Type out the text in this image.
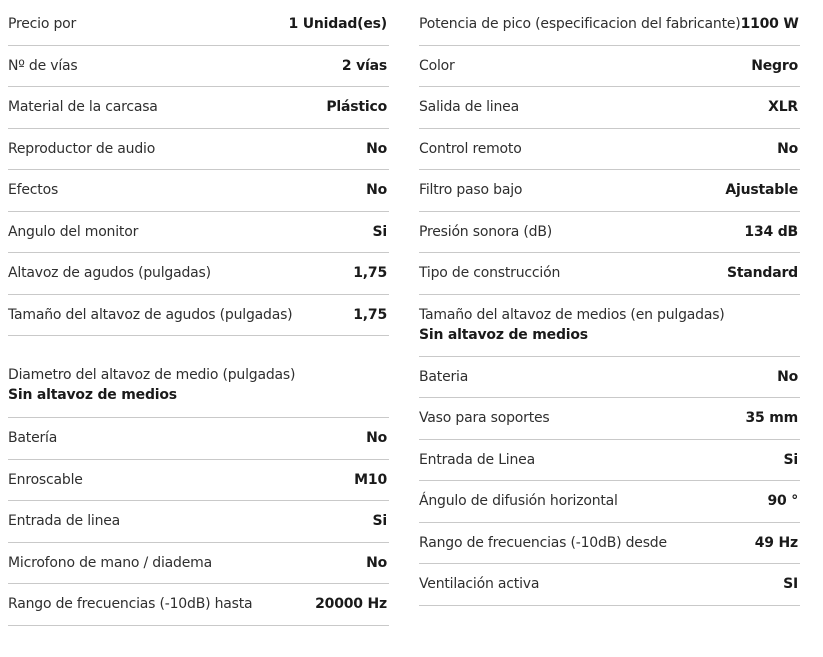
Precio por	1 Unidad(es)
Nº de vías	2 vías
Material de la carcasa	Plástico
Reproductor de audio	No
Efectos	No
Angulo del monitor	Si
Altavoz de agudos (pulgadas)	1,75
Tamaño del altavoz de agudos (pulgadas)	1,75
Diametro del altavoz de medio (pulgadas)
Sin altavoz de medios
Batería	No
Enroscable	M10
Entrada de linea	Si
Microfono de mano / diadema	No
Rango de frecuencias (-10dB) hasta	20000 Hz
Potencia de pico (especificacion del fabricante) 1100 W
Color	Negro
Salida de linea	XLR
Control remoto	No
Filtro paso bajo	Ajustable
Presión sonora (dB)	134 dB
Tipo de construcción	Standard
Tamaño del altavoz de medios (en pulgadas)
Sin altavoz de medios
Bateria	No
Vaso para soportes	35 mm
Entrada de Linea	Si
Ángulo de difusión horizontal	90 °
Rango de frecuencias (-10dB) desde	49 Hz
Ventilación activa	SI
